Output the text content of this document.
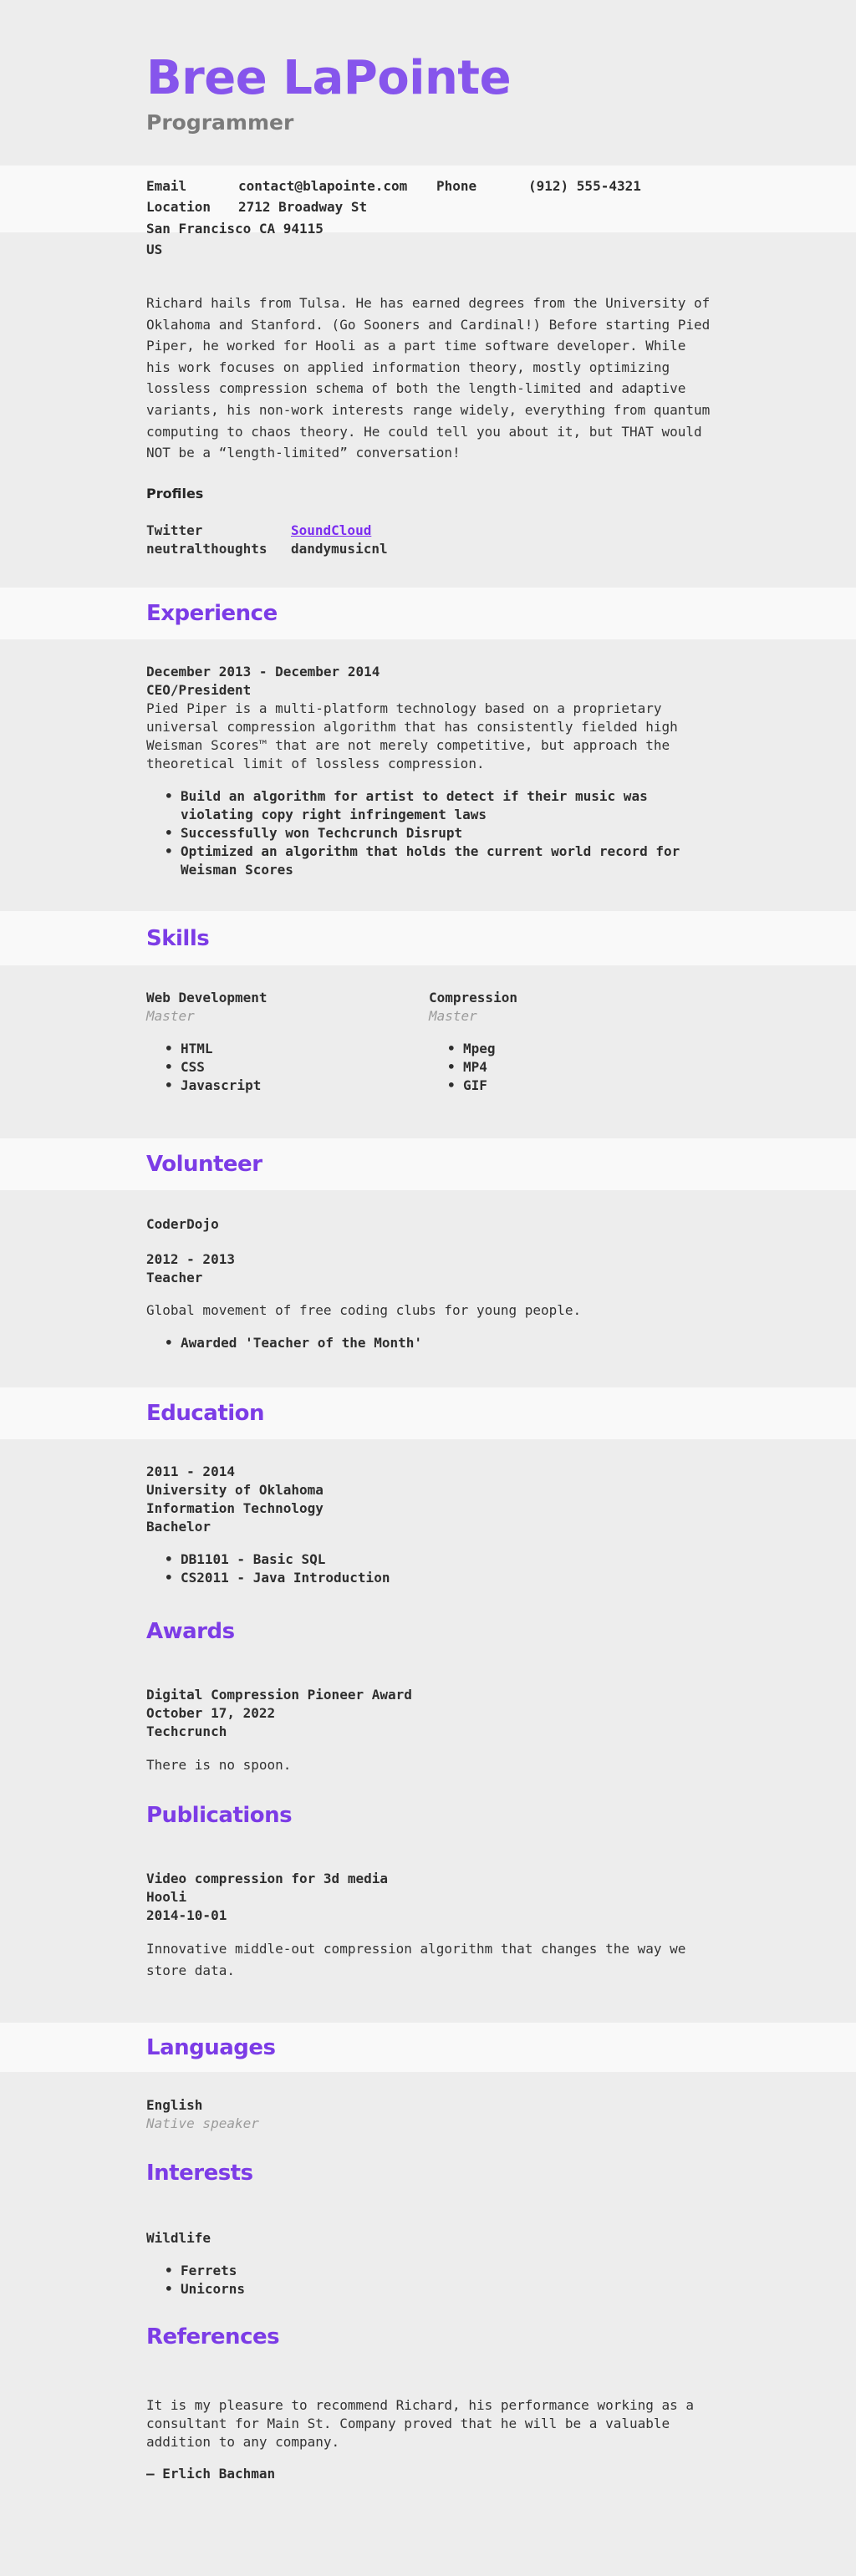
Bree LaPointe
Programmer
Email	contact@blapointe.com Phone	(912) 555-4321
Location 2712 Broadway St
San Francisco CA 94115
US

Richard hails from Tulsa. He has earned degrees from the University of Oklahoma and Stanford. (Go Sooners and Cardinal!) Before starting Pied Piper, he worked for Hooli as a part time software developer. While his work focuses on applied information theory, mostly optimizing lossless compression schema of both the length-limited and adaptive variants, his non-work interests range widely, everything from quantum computing to chaos theory. He could tell you about it, but THAT would NOT be a “length-limited” conversation!

Profiles
Twitter
neutralthoughts
SoundCloud
dandymusicnl
Experience
December 2013 - December 2014
CEO/President

Pied Piper is a multi-platform technology based on a proprietary universal compression algorithm that has consistently fielded high Weisman Scores™ that are not merely competitive, but approach the theoretical limit of lossless compression.

• Build an algorithm for artist to detect if their music was violating copy right infringement laws
• Successfully won Techcrunch Disrupt
• Optimized an algorithm that holds the current world record for Weisman Scores
Skills
Web Development
Master
• HTML
• CSS
• Javascript
Compression
Master
• Mpeg
• MP4
• GIF
Volunteer
CoderDojo
2012 - 2013
Teacher

Global movement of free coding clubs for young people.

• Awarded 'Teacher of the Month'
Education
2011 - 2014
University of Oklahoma
Information Technology
Bachelor
• DB1101 - Basic SQL
• CS2011 - Java Introduction
Awards
Digital Compression Pioneer Award
October 17, 2022
Techcrunch

There is no spoon.

Publications
Video compression for 3d media
Hooli
2014-10-01

Innovative middle-out compression algorithm that changes the way we store data.

Languages
English
Native speaker
Interests
Wildlife
• Ferrets
• Unicorns
References

It is my pleasure to recommend Richard, his performance working as a consultant for Main St. Company proved that he will be a valuable addition to any company.

— Erlich Bachman
